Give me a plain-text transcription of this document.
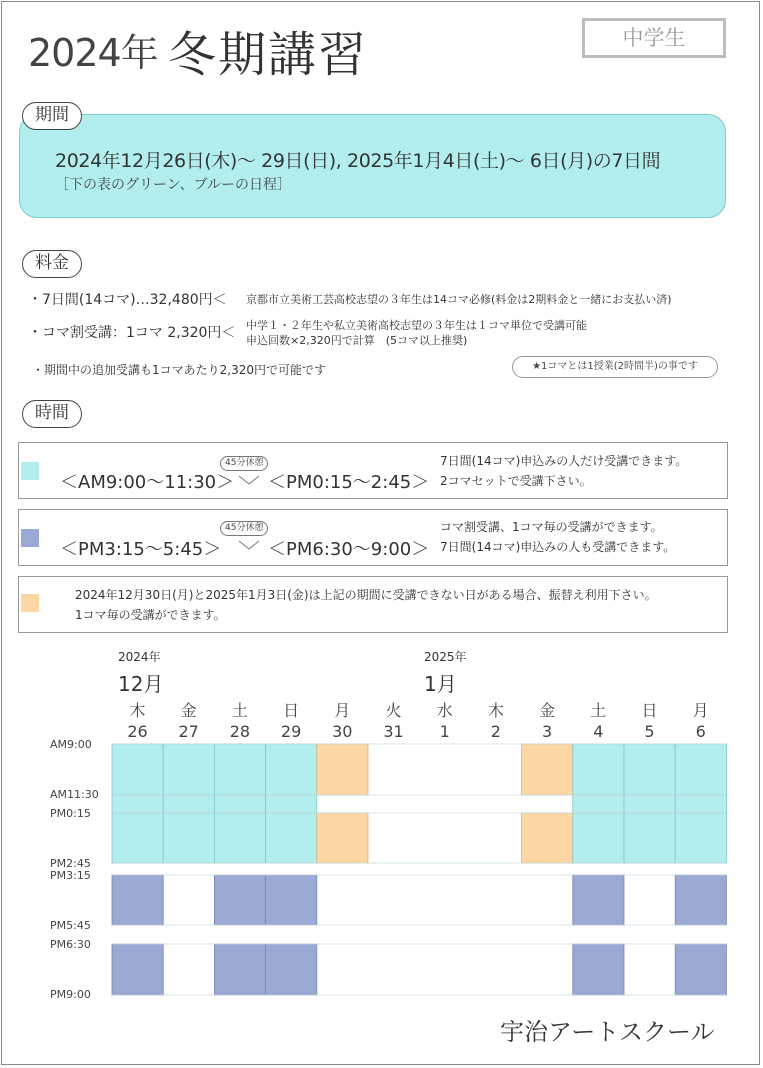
2024年 冬期講習	中学生
期間
2024年12月26日(木)～ 29日(日), 2025年1月4日(土)～ 6日(月)の7日間
［下の表のグリーン、ブルーの日程］
料金
・7日間(14コマ)…32,480円＜ 京都市立美術工芸高校志望の３年生は14コマ必修(料金は2期料金と一緒にお支払い済)
・コマ割受講：1コマ 2,320円＜ 中学１・２年生や私立美術高校志望の３年生は１コマ単位で受講可能
申込回数×2,320円で計算　(5コマ以上推奨)
・期間中の追加受講も1コマあたり2,320円で可能です	★1コマとは1授業(2時間半)の事です
時間
＜AM9:00～11:30＞
45分休憩
＜PM0:15～2:45＞
7日間(14コマ)申込みの人だけ受講できます。
2コマセットで受講下さい。
＜PM3:15～5:45＞
45分休憩
＜PM6:30～9:00＞
コマ割受講、1コマ毎の受講ができます。
7日間(14コマ)申込みの人も受講できます。
2024年12月30日(月)と2025年1月3日(金)は上記の期間に受講できない日がある場合、振替え利用下さい。
1コマ毎の受講ができます。
2024年
12月
2025年
1月
木
26
金
27
土
28
日
29
月
30
火
31
水
1
木
2
金
3
土
4
日
5
月
6
AM9:00
AM11:30
PM0:15
PM2:45
PM3:15
PM5:45
PM6:30
PM9:00
宇治アートスクール
